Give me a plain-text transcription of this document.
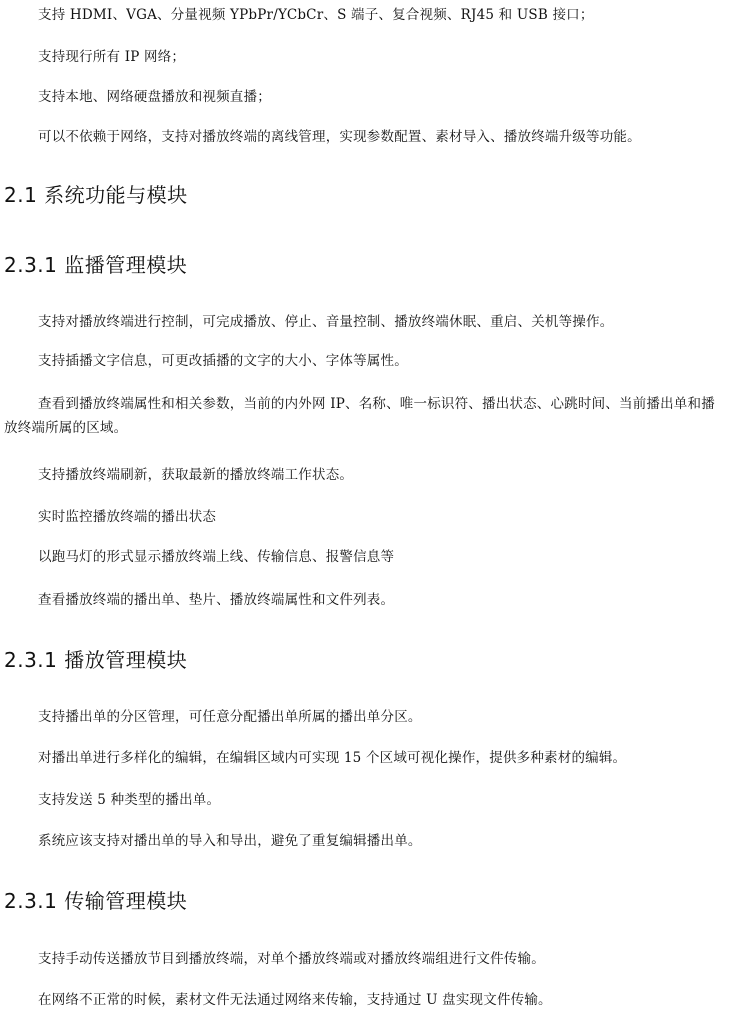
支持 HDMI、VGA、分量视频 YPbPr/YCbCr、S 端子、复合视频、RJ45 和 USB 接口；

支持现行所有 IP 网络；

支持本地、网络硬盘播放和视频直播；

可以不依赖于网络，支持对播放终端的离线管理，实现参数配置、素材导入、播放终端升级等功能。

2.1 系统功能与模块
2.3.1 监播管理模块

支持对播放终端进行控制，可完成播放、停止、音量控制、播放终端休眠、重启、关机等操作。

支持插播文字信息，可更改插播的文字的大小、字体等属性。

查看到播放终端属性和相关参数，当前的内外网 IP、名称、唯一标识符、播出状态、心跳时间、当前播出单和播放终端所属的区域。

支持播放终端刷新，获取最新的播放终端工作状态。

实时监控播放终端的播出状态

以跑马灯的形式显示播放终端上线、传输信息、报警信息等

查看播放终端的播出单、垫片、播放终端属性和文件列表。

2.3.1 播放管理模块

支持播出单的分区管理，可任意分配播出单所属的播出单分区。

对播出单进行多样化的编辑，在编辑区域内可实现 15 个区域可视化操作，提供多种素材的编辑。

支持发送 5 种类型的播出单。

系统应该支持对播出单的导入和导出，避免了重复编辑播出单。

2.3.1 传输管理模块

支持手动传送播放节目到播放终端，对单个播放终端或对播放终端组进行文件传输。

在网络不正常的时候，素材文件无法通过网络来传输，支持通过 U 盘实现文件传输。
